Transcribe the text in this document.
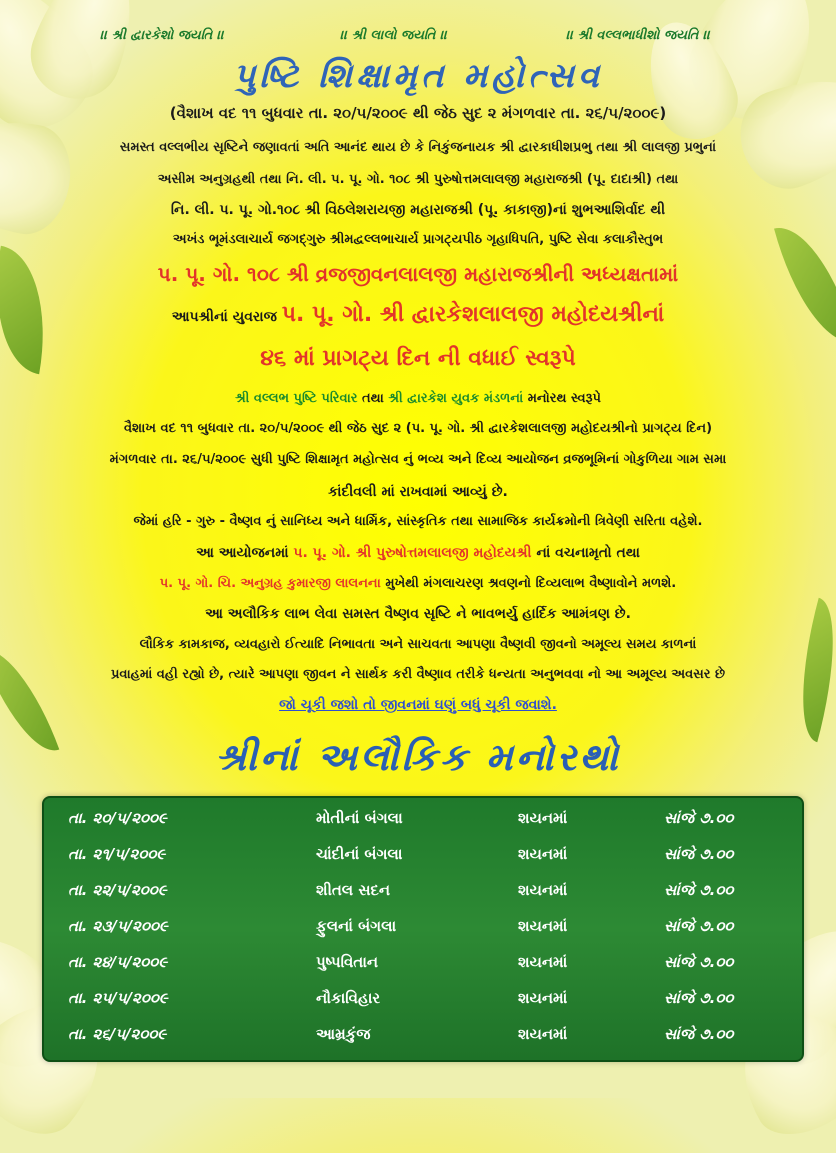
।। શ્રી દ્વારકેશો જયતિ ।।	।। શ્રી લાલો જયતિ ।।	।। શ્રી વલ્લભાધીશો જયતિ ।।
પુષ્ટિ શિક્ષામૃત મહોત્સવ
(વૈશાખ વદ ૧૧ બુધવાર તા. ૨૦/૫/૨૦૦૯ થી જેઠ સુદ ૨ મંગળવાર તા. ૨૬/૫/૨૦૦૯)
સમસ્ત વલ્લભીય સૃષ્ટિને જણાવતાં અતિ આનંદ થાય છે કે નિકુંજનાયક શ્રી દ્વારકાધીશપ્રભુ તથા શ્રી લાલજી પ્રભુનાં
અસીમ અનુગ્રહથી તથા નિ. લી. પ. પૂ. ગો. ૧૦૮ શ્રી પુરુષોત્તમલાલજી મહારાજશ્રી (પૂ. દાદાશ્રી) તથા
નિ. લી. પ. પૂ. ગો.૧૦૮ શ્રી વિઠલેશરાયજી મહારાજશ્રી (પૂ. કાકાજી)નાં શુભઆશિર્વાદ થી
અખંડ ભૂમંડલાચાર્ય જગદ્ગુરુ શ્રીમદ્વલ્લભાચાર્ય પ્રાગટ્યપીઠ ગૃહાધિપતિ, પુષ્ટિ સેવા કલાકૌસ્તુભ
પ. પૂ. ગો. ૧૦૮ શ્રી વ્રજજીવનલાલજી મહારાજશ્રીની અધ્યક્ષતામાં
આપશ્રીનાં યુવરાજ પ. પૂ. ગો. શ્રી દ્વારકેશલાલજી મહોદયશ્રીનાં
૪૬ માં પ્રાગટ્ય દિન ની વધાઈ સ્વરૂપે
શ્રી વલ્લભ પુષ્ટિ પરિવાર તથા શ્રી દ્વારકેશ યુવક મંડળનાં મનોરથ સ્વરૂપે
વૈશાખ વદ ૧૧ બુધવાર તા. ૨૦/૫/૨૦૦૯ થી જેઠ સુદ ૨ (પ. પૂ. ગો. શ્રી દ્વારકેશલાલજી મહોદયશ્રીનો પ્રાગટ્ય દિન)
મંગળવાર તા. ૨૬/૫/૨૦૦૯ સુધી પુષ્ટિ શિક્ષામૃત મહોત્સવ નું ભવ્ય અને દિવ્ય આયોજન વ્રજભૂમિનાં ગોકુળિયા ગામ સમા
કાંદીવલી માં રાખવામાં આવ્યું છે.
જેમાં હરિ - ગુરુ - વૈષ્ણવ નું સાનિધ્ય અને ધાર્મિક, સાંસ્કૃતિક તથા સામાજિક કાર્યક્રમોની ત્રિવેણી સરિતા વહેશે.
આ આયોજનમાં પ. પૂ. ગો. શ્રી પુરુષોત્તમલાલજી મહોદયશ્રી નાં વચનામૃતો તથા
પ. પૂ. ગો. ચિ. અનુગ્રહ કુમારજી લાલનના મુખેથી મંગલાચરણ શ્રવણનો દિવ્યલાભ વૈષ્ણાવોને મળશે.
આ અલૌકિક લાભ લેવા સમસ્ત વૈષ્ણવ સૃષ્ટિ ને ભાવભર્યુ હાર્દિક આમંત્રણ છે.
લૌકિક કામકાજ, વ્યવહારો ઈત્યાદિ નિભાવતા અને સાચવતા આપણા વૈષ્ણવી જીવનો અમૂલ્ય સમય કાળનાં
પ્રવાહમાં વહી રહ્યો છે, ત્યારે આપણા જીવન ને સાર્થક કરી વૈષ્ણાવ તરીકે ધન્યતા અનુભવવા નો આ અમૂલ્ય અવસર છે
જો ચૂકી જશો તો જીવનમાં ઘણું બધું ચૂકી જવાશે.
શ્રીનાં અલૌકિક મનોરથો
તા. ૨૦/૫/૨૦૦૯	મોતીનાં બંગલા	શયનમાં	સાંજે ૭.૦૦
તા. ૨૧/૫/૨૦૦૯	ચાંદીનાં બંગલા	શયનમાં	સાંજે ૭.૦૦
તા. ૨૨/૫/૨૦૦૯	શીતલ સદન	શયનમાં	સાંજે ૭.૦૦
તા. ૨૩/૫/૨૦૦૯	ફુલનાં બંગલા	શયનમાં	સાંજે ૭.૦૦
તા. ૨૪/૫/૨૦૦૯	પુષ્પવિતાન	શયનમાં	સાંજે ૭.૦૦
તા. ૨૫/૫/૨૦૦૯	નૌકાવિહાર	શયનમાં	સાંજે ૭.૦૦
તા. ૨૬/૫/૨૦૦૯	આમ્રકુંજ	શયનમાં	સાંજે ૭.૦૦
